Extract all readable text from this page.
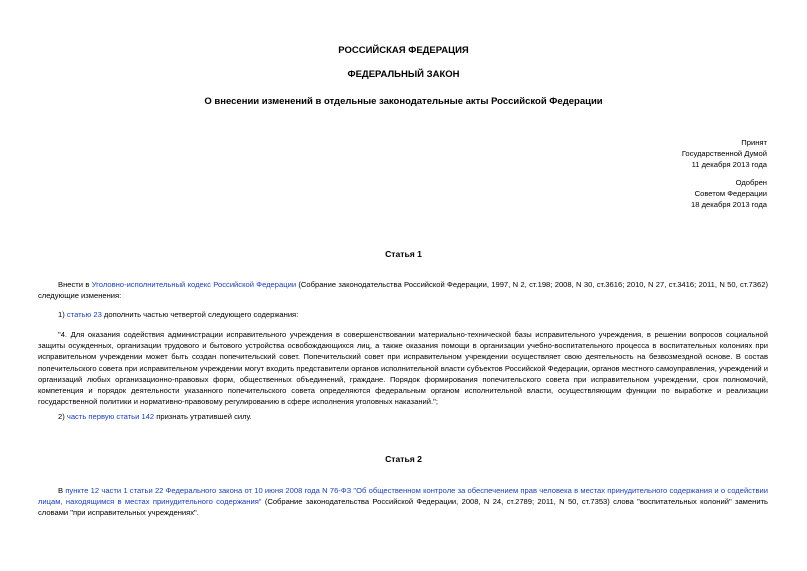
РОССИЙСКАЯ ФЕДЕРАЦИЯ
ФЕДЕРАЛЬНЫЙ ЗАКОН
О внесении изменений в отдельные законодательные акты Российской Федерации
Принят
Государственной Думой
11 декабря 2013 года
Одобрен
Советом Федерации
18 декабря 2013 года
Статья 1
Внести в Уголовно-исполнительный кодекс Российской Федерации (Собрание законодательства Российской Федерации, 1997, N 2, ст.198; 2008, N 30, ст.3616; 2010, N 27, ст.3416; 2011, N 50, ст.7362) следующие изменения:
1) статью 23 дополнить частью четвертой следующего содержания:
"4. Для оказания содействия администрации исправительного учреждения в совершенствовании материально-технической базы исправительного учреждения, в решении вопросов социальной защиты осужденных, организации трудового и бытового устройства освобождающихся лиц, а также оказания помощи в организации учебно-воспитательного процесса в воспитательных колониях при исправительном учреждении может быть создан попечительский совет. Попечительский совет при исправительном учреждении осуществляет свою деятельность на безвозмездной основе. В состав попечительского совета при исправительном учреждении могут входить представители органов исполнительной власти субъектов Российской Федерации, органов местного самоуправления, учреждений и организаций любых организационно-правовых форм, общественных объединений, граждане. Порядок формирования попечительского совета при исправительном учреждении, срок полномочий, компетенция и порядок деятельности указанного попечительского совета определяются федеральным органом исполнительной власти, осуществляющим функции по выработке и реализации государственной политики и нормативно-правовому регулированию в сфере исполнения уголовных наказаний.";
2) часть первую статьи 142 признать утратившей силу.
Статья 2
В пункте 12 части 1 статьи 22 Федерального закона от 10 июня 2008 года N 76-ФЗ "Об общественном контроле за обеспечением прав человека в местах принудительного содержания и о содействии лицам, находящимся в местах принудительного содержания" (Собрание законодательства Российской Федерации, 2008, N 24, ст.2789; 2011, N 50, ст.7353) слова "воспитательных колоний" заменить словами "при исправительных учреждениях".
